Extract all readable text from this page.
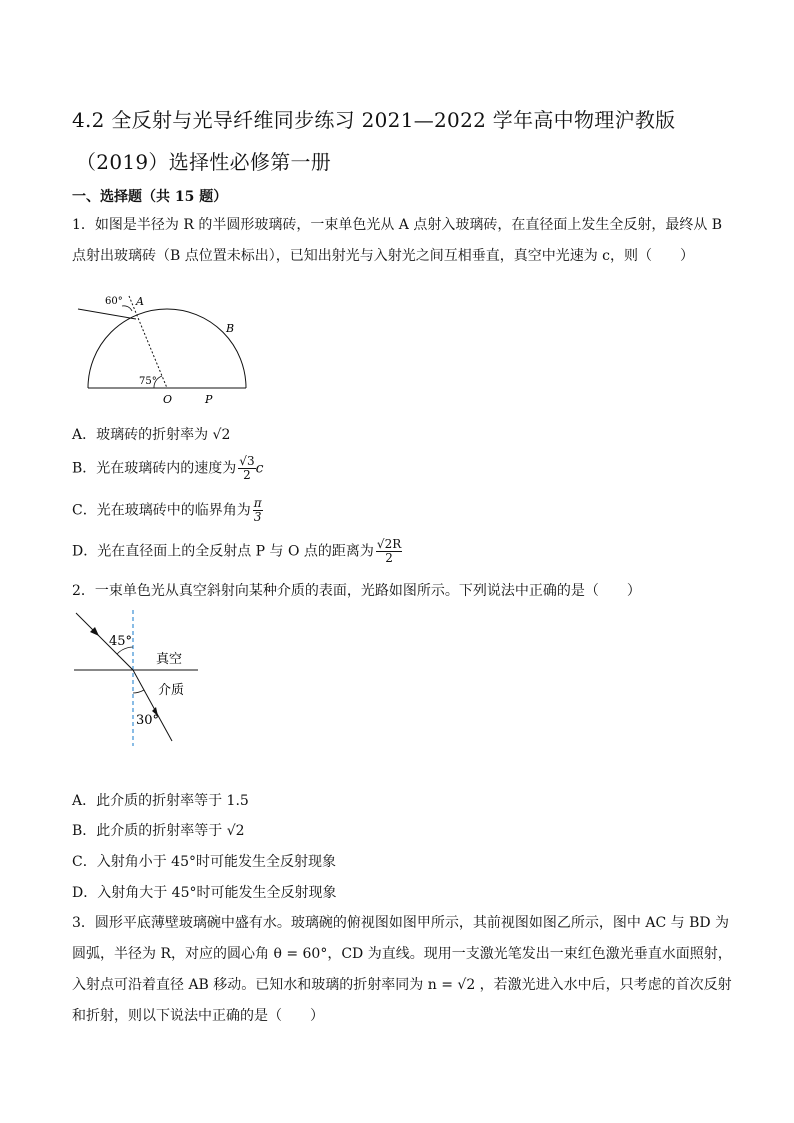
4.2 全反射与光导纤维同步练习 2021—2022 学年高中物理沪教版
（2019）选择性必修第一册
一、选择题（共 15 题）
1．如图是半径为 R 的半圆形玻璃砖，一束单色光从 A 点射入玻璃砖，在直径面上发生全反射，最终从 B
点射出玻璃砖（B 点位置未标出），已知出射光与入射光之间互相垂直，真空中光速为 c，则（　　）
60° A
B
75°
O	P
A．玻璃砖的折射率为 √2
B．光在玻璃砖内的速度为 $\frac{√3}{2}$ c
C．光在玻璃砖中的临界角为 $\frac{\pi}{3}$
D．光在直径面上的全反射点 P 与 O 点的距离为 $\frac{√2R}{2}$
2．一束单色光从真空斜射向某种介质的表面，光路如图所示。下列说法中正确的是（　　）
45°
真空
介质
30°
A．此介质的折射率等于 1.5
B．此介质的折射率等于 √2
C．入射角小于 45°时可能发生全反射现象
D．入射角大于 45°时可能发生全反射现象
3．圆形平底薄壁玻璃碗中盛有水。玻璃碗的俯视图如图甲所示，其前视图如图乙所示，图中 AC 与 BD 为
圆弧，半径为 R，对应的圆心角 θ = 60°，CD 为直线。现用一支激光笔发出一束红色激光垂直水面照射，
入射点可沿着直径 AB 移动。已知水和玻璃的折射率同为 n = √2 ，若激光进入水中后，只考虑的首次反射
和折射，则以下说法中正确的是（　　）
